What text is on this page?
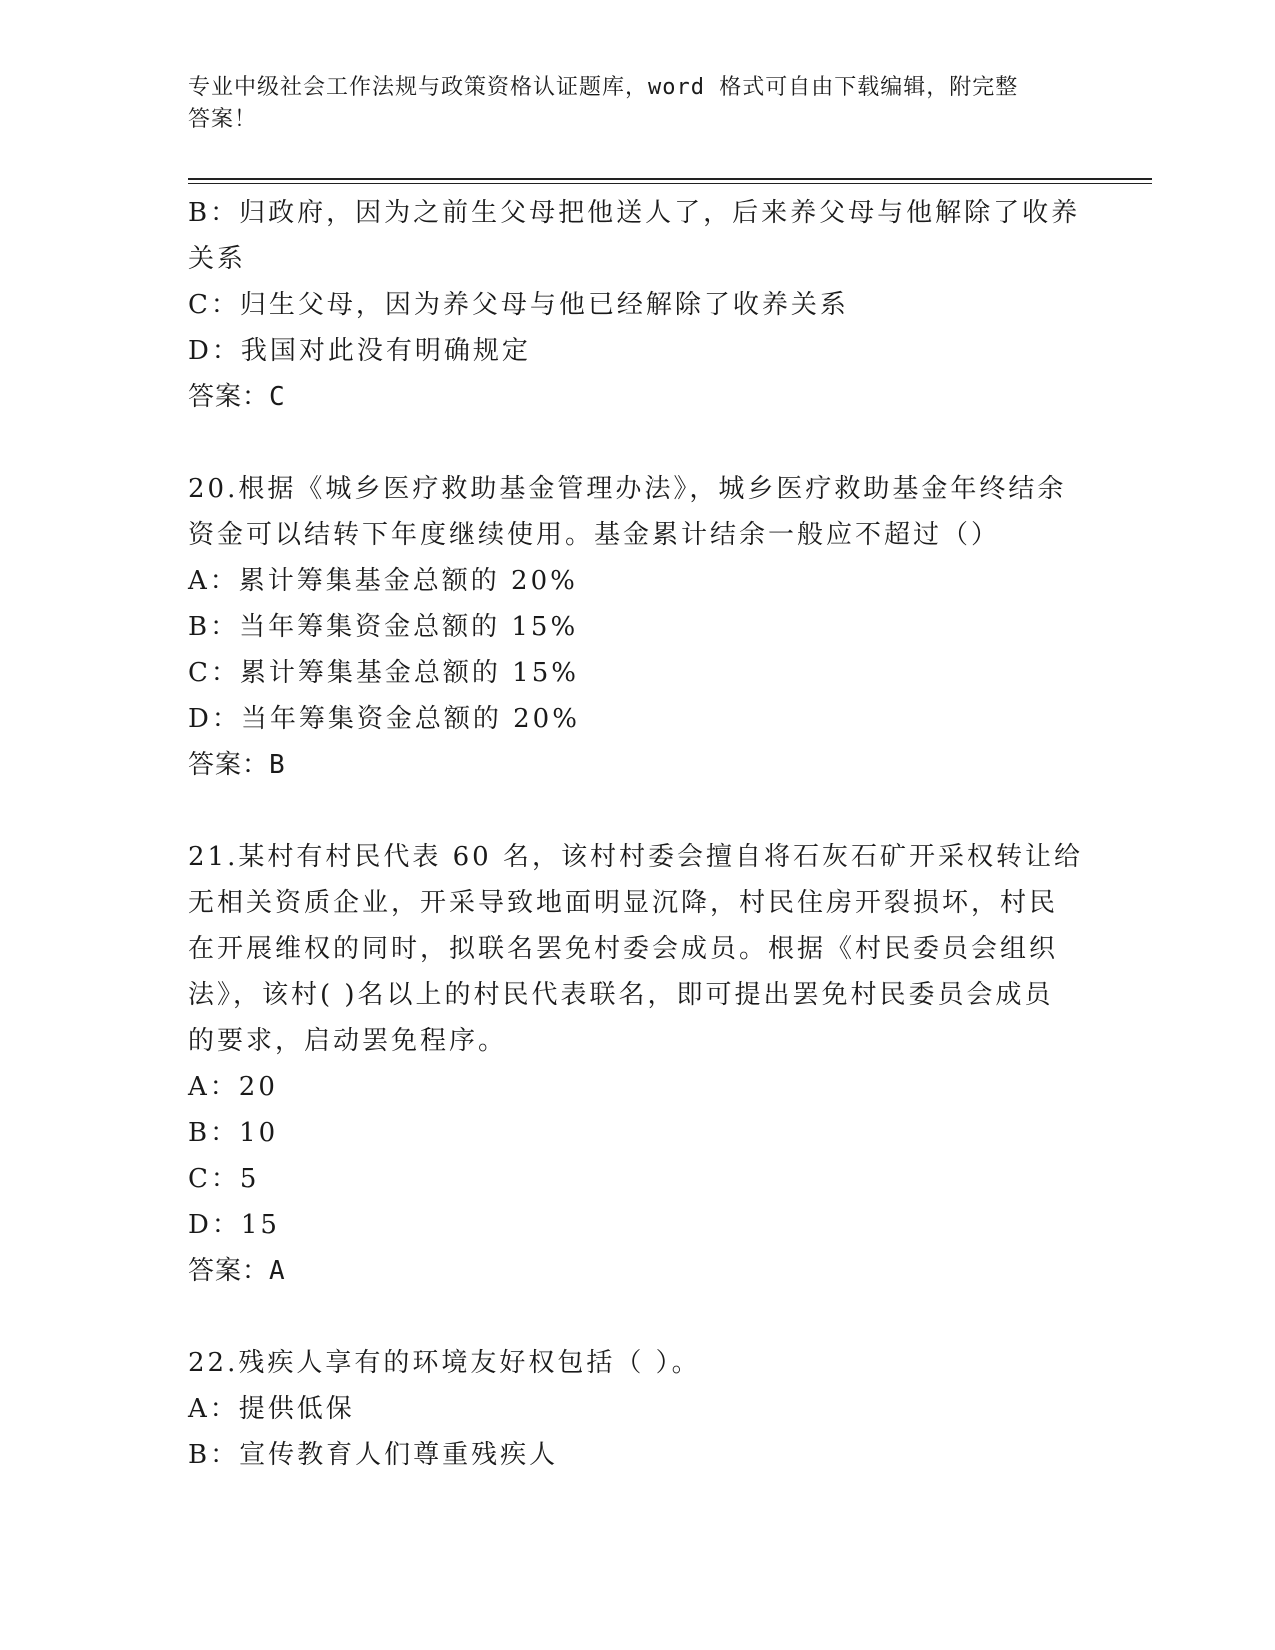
专业中级社会工作法规与政策资格认证题库，word 格式可自由下载编辑，附完整
答案！
B：归政府，因为之前生父母把他送人了，后来养父母与他解除了收养
关系
C：归生父母，因为养父母与他已经解除了收养关系
D：我国对此没有明确规定
答案：C
20.根据《城乡医疗救助基金管理办法》，城乡医疗救助基金年终结余
资金可以结转下年度继续使用。基金累计结余一般应不超过（）
A：累计筹集基金总额的 20%
B：当年筹集资金总额的 15%
C：累计筹集基金总额的 15%
D：当年筹集资金总额的 20%
答案：B
21.某村有村民代表 60 名，该村村委会擅自将石灰石矿开采权转让给
无相关资质企业，开采导致地面明显沉降，村民住房开裂损坏，村民
在开展维权的同时，拟联名罢免村委会成员。根据《村民委员会组织
法》，该村( )名以上的村民代表联名，即可提出罢免村民委员会成员
的要求，启动罢免程序。
A：20
B：10
C：5
D：15
答案：A
22.残疾人享有的环境友好权包括（ ）。
A：提供低保
B：宣传教育人们尊重残疾人
